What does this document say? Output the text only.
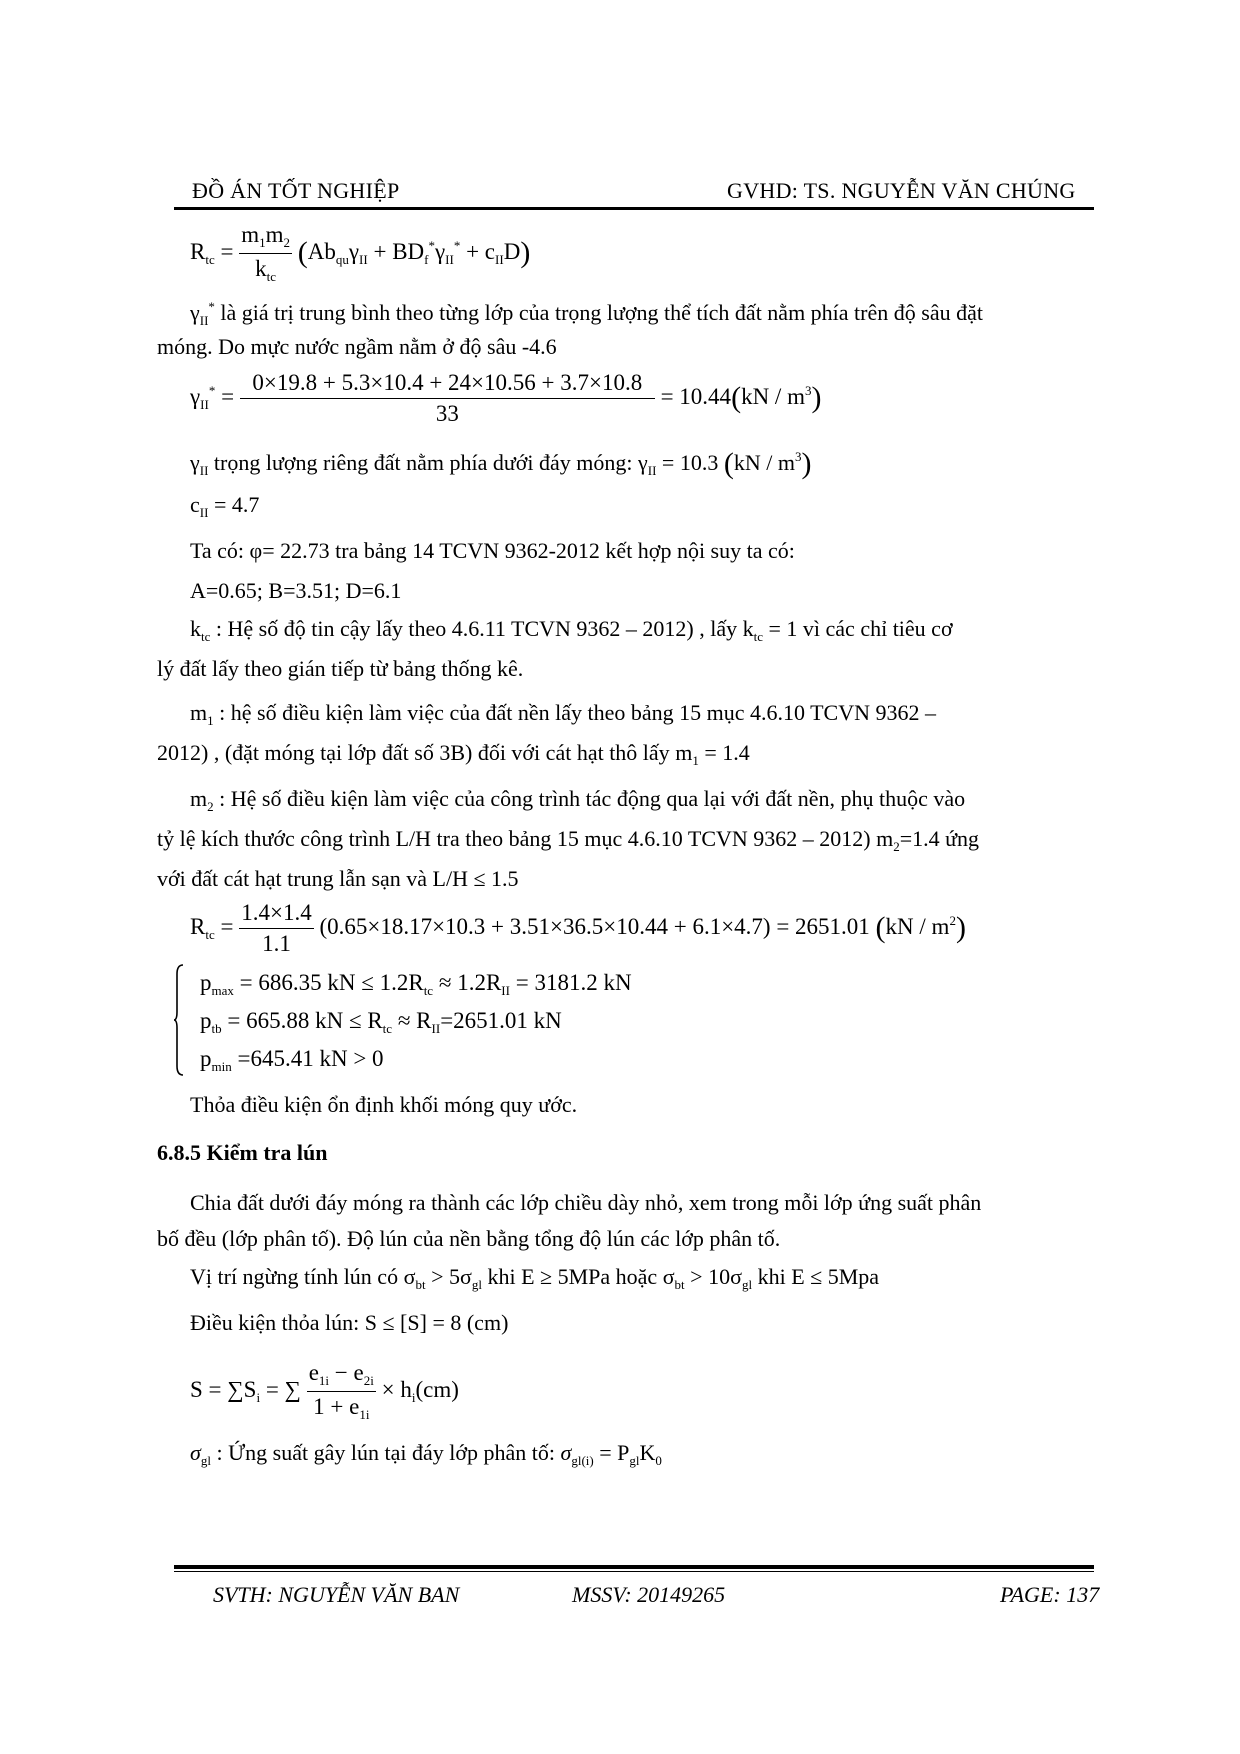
ĐỒ ÁN TỐT NGHIỆP	GVHD: TS. NGUYỄN VĂN CHÚNG
$R_{tc} = \frac{m_1m_2}{k_{tc}} (Ab_{qu}\gamma_{II} + BD_f^*\gamma_{II}^* + c_{II}D)$
$\gamma_{II}^*$ là giá trị trung bình theo từng lớp của trọng lượng thể tích đất nằm phía trên độ sâu đặt
móng. Do mực nước ngầm nằm ở độ sâu -4.6
$\gamma_{II}^* = \frac{0\times 19.8 + 5.3\times 10.4 + 24\times 10.56 + 3.7\times 10.8}{33} = 10.44(kN / m^3)$
$\gamma_{II}$ trọng lượng riêng đất nằm phía dưới đáy móng: $\gamma_{II} = 10.3$ $(kN / m^3)$
$c_{II} = 4.7$
Ta có: φ= 22.73 tra bảng 14 TCVN 9362-2012 kết hợp nội suy ta có:
A=0.65; B=3.51; D=6.1
$k_{tc}$ : Hệ số độ tin cậy lấy theo 4.6.11 TCVN 9362 – 2012) , lấy $k_{tc} = 1$ vì các chỉ tiêu cơ
lý đất lấy theo gián tiếp từ bảng thống kê.
$m_1$ : hệ số điều kiện làm việc của đất nền lấy theo bảng 15 mục 4.6.10 TCVN 9362 –
2012) , (đặt móng tại lớp đất số 3B) đối với cát hạt thô lấy $m_1 = 1.4$
$m_2$ : Hệ số điều kiện làm việc của công trình tác động qua lại với đất nền, phụ thuộc vào
tỷ lệ kích thước công trình L/H tra theo bảng 15 mục 4.6.10 TCVN 9362 – 2012) $m_2=1.4$ ứng
với đất cát hạt trung lẫn sạn và L/H ≤ 1.5
$R_{tc} = \frac{1.4\times 1.4}{1.1} (0.65\times 18.17\times 10.3 + 3.51\times 36.5\times 10.44 + 6.1\times 4.7) = 2651.01$ $(kN / m^2)$
$p_{max} = 686.35$ kN ≤ $1.2R_{tc} \approx 1.2R_{II} = 3181.2$ kN
$p_{tb} = 665.88$ kN ≤ $R_{tc} \approx R_{II}=2651.01$ kN
$p_{min} =645.41$ kN > 0
Thỏa điều kiện ổn định khối móng quy ước.
6.8.5 Kiểm tra lún
Chia đất dưới đáy móng ra thành các lớp chiều dày nhỏ, xem trong mỗi lớp ứng suất phân
bố đều (lớp phân tố). Độ lún của nền bằng tổng độ lún các lớp phân tố.
Vị trí ngừng tính lún có $\sigma_{bt} > 5\sigma_{gl}$ khi E ≥ 5MPa hoặc $\sigma_{bt} > 10\sigma_{gl}$ khi E ≤ 5Mpa
Điều kiện thỏa lún: S ≤ [S] = 8 (cm)
$S = \sum S_i$ = ∑ $\frac{e_{1i} - e_{2i}}{1 + e_{1i}} \times h_i(cm)$
$\sigma_{gl}$ : Ứng suất gây lún tại đáy lớp phân tố: $\sigma_{gl(i)} = P_{gl}K_0$
SVTH: NGUYỄN VĂN BAN	MSSV: 20149265	PAGE: 137
